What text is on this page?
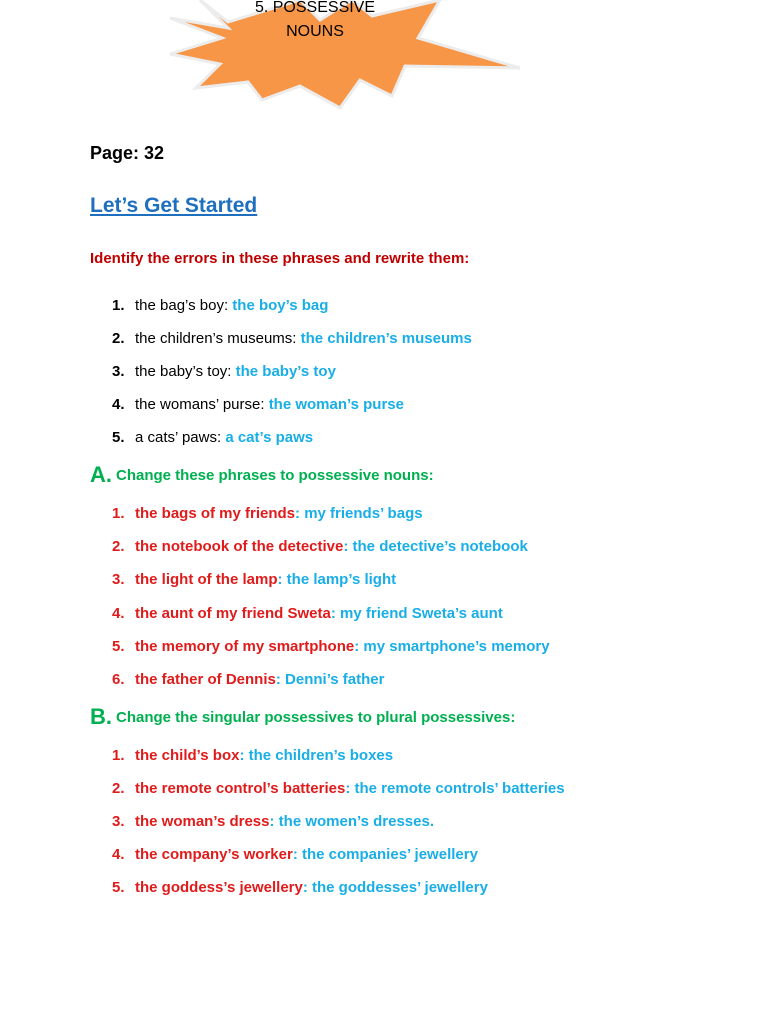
5. POSSESSIVE NOUNS
Page: 32
Let’s Get Started
Identify the errors in these phrases and rewrite them:
1. the bag’s boy: the boy’s bag
2. the children’s museums: the children’s museums
3. the baby’s toy: the baby’s toy
4. the womans’ purse: the woman’s purse
5. a cats’ paws: a cat’s paws
A. Change these phrases to possessive nouns:
1. the bags of my friends: my friends’ bags
2. the notebook of the detective: the detective’s notebook
3. the light of the lamp: the lamp’s light
4. the aunt of my friend Sweta: my friend Sweta’s aunt
5. the memory of my smartphone: my smartphone’s memory
6. the father of Dennis: Denni’s father
B. Change the singular possessives to plural possessives:
1. the child’s box: the children’s boxes
2. the remote control’s batteries: the remote controls’ batteries
3. the woman’s dress: the women’s dresses.
4. the company’s worker: the companies’ jewellery
5. the goddess’s jewellery: the goddesses’ jewellery
